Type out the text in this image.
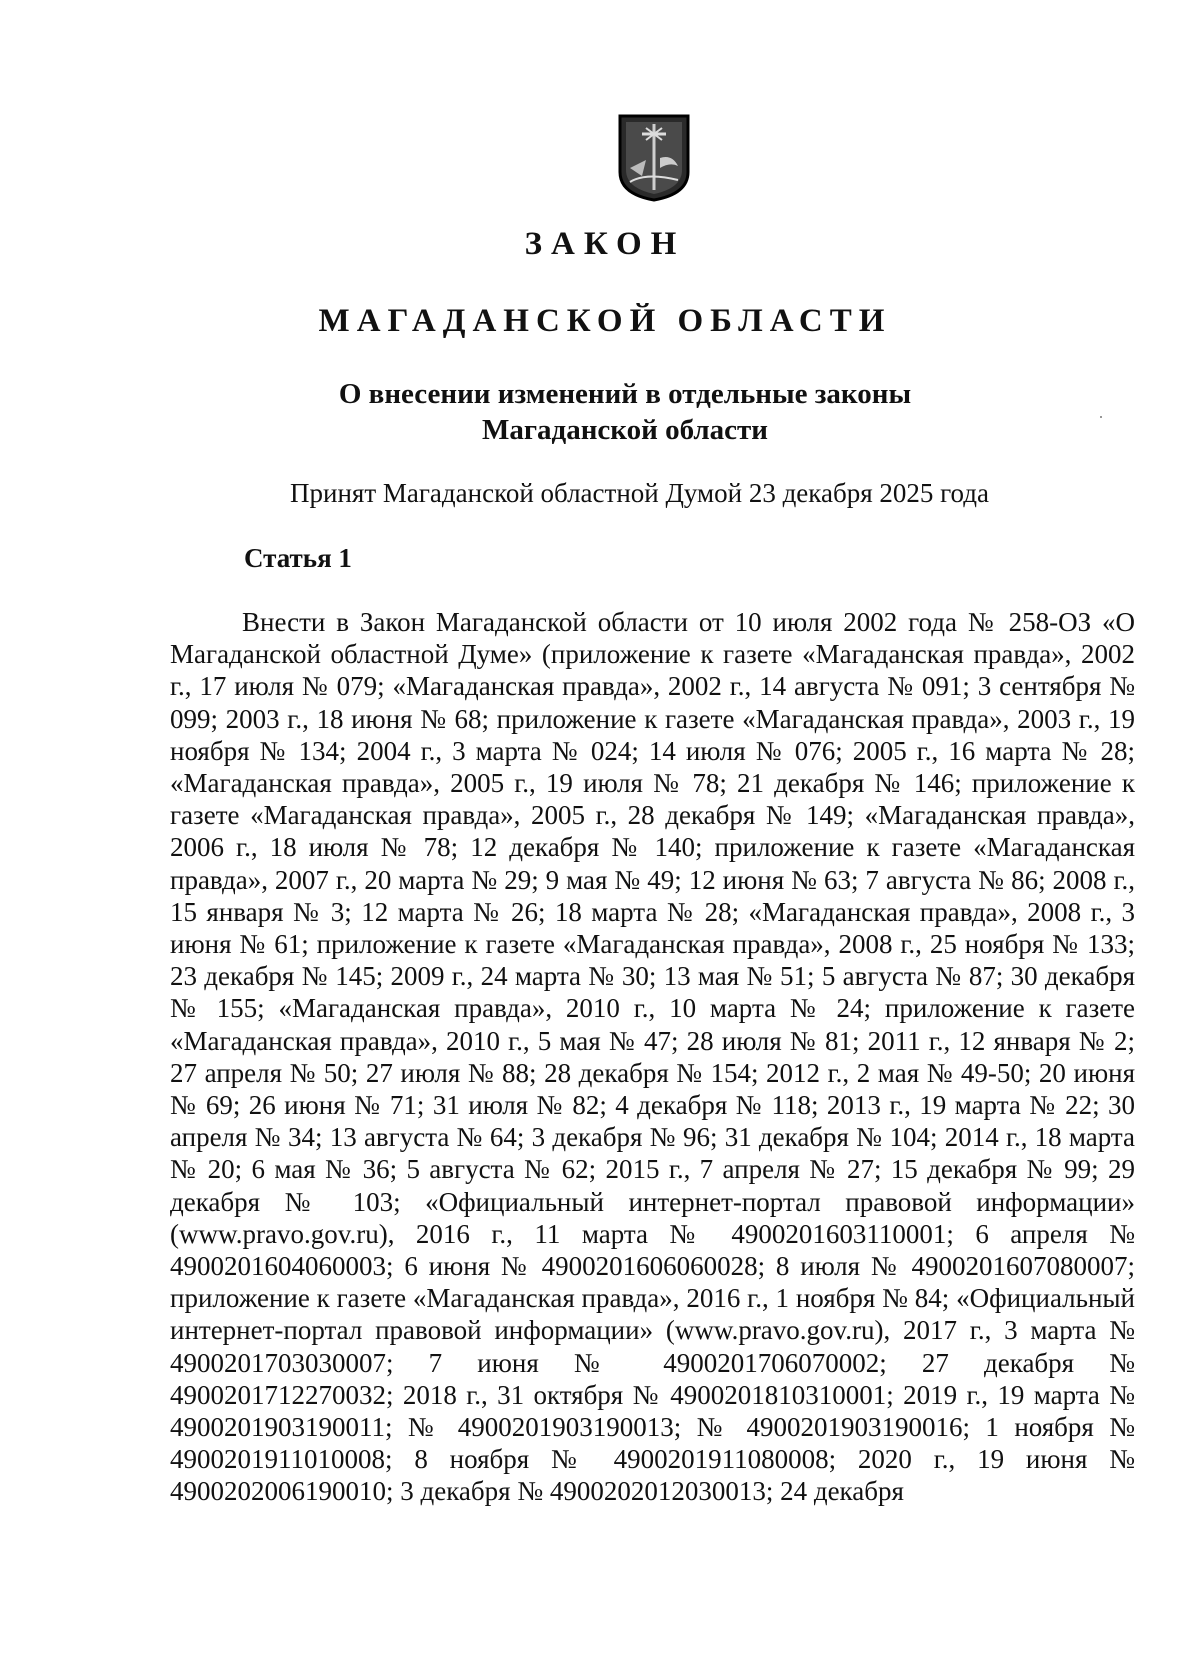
ЗАКОН
МАГАДАНСКОЙ ОБЛАСТИ
О внесении изменений в отдельные законы
Магаданской области

Принят Магаданской областной Думой 23 декабря 2025 года

Статья 1

Внести в Закон Магаданской области от 10 июля 2002 года № 258-ОЗ «О Магаданской областной Думе» (приложение к газете «Магаданская правда», 2002 г., 17 июля № 079; «Магаданская правда», 2002 г., 14 августа № 091; 3 сентября № 099; 2003 г., 18 июня № 68; приложение к газете «Магаданская правда», 2003 г., 19 ноября № 134; 2004 г., 3 марта № 024; 14 июля № 076; 2005 г., 16 марта № 28; «Магаданская правда», 2005 г., 19 июля № 78; 21 декабря № 146; приложение к газете «Магаданская правда», 2005 г., 28 декабря № 149; «Магаданская правда», 2006 г., 18 июля № 78; 12 декабря № 140; приложение к газете «Магаданская правда», 2007 г., 20 марта № 29; 9 мая № 49; 12 июня № 63; 7 августа № 86; 2008 г., 15 января № 3; 12 марта № 26; 18 марта № 28; «Магаданская правда», 2008 г., 3 июня № 61; приложение к газете «Магаданская правда», 2008 г., 25 ноября № 133; 23 декабря № 145; 2009 г., 24 марта № 30; 13 мая № 51; 5 августа № 87; 30 декабря № 155; «Магаданская правда», 2010 г., 10 марта № 24; приложение к газете «Магаданская правда», 2010 г., 5 мая № 47; 28 июля № 81; 2011 г., 12 января № 2; 27 апреля № 50; 27 июля № 88; 28 декабря № 154; 2012 г., 2 мая № 49-50; 20 июня № 69; 26 июня № 71; 31 июля № 82; 4 декабря № 118; 2013 г., 19 марта № 22; 30 апреля № 34; 13 августа № 64; 3 декабря № 96; 31 декабря № 104; 2014 г., 18 марта № 20; 6 мая № 36; 5 августа № 62; 2015 г., 7 апреля № 27; 15 декабря № 99; 29 декабря № 103; «Официальный интернет-портал правовой информации» (www.pravo.gov.ru), 2016 г., 11 марта № 4900201603110001; 6 апреля № 4900201604060003; 6 июня № 4900201606060028; 8 июля № 4900201607080007; приложение к газете «Магаданская правда», 2016 г., 1 ноября № 84; «Официальный интернет-портал правовой информации» (www.pravo.gov.ru), 2017 г., 3 марта № 4900201703030007; 7 июня № 4900201706070002; 27 декабря № 4900201712270032; 2018 г., 31 октября № 4900201810310001; 2019 г., 19 марта № 4900201903190011; № 4900201903190013; № 4900201903190016; 1 ноября № 4900201911010008; 8 ноября № 4900201911080008; 2020 г., 19 июня № 4900202006190010; 3 декабря № 4900202012030013; 24 декабря
